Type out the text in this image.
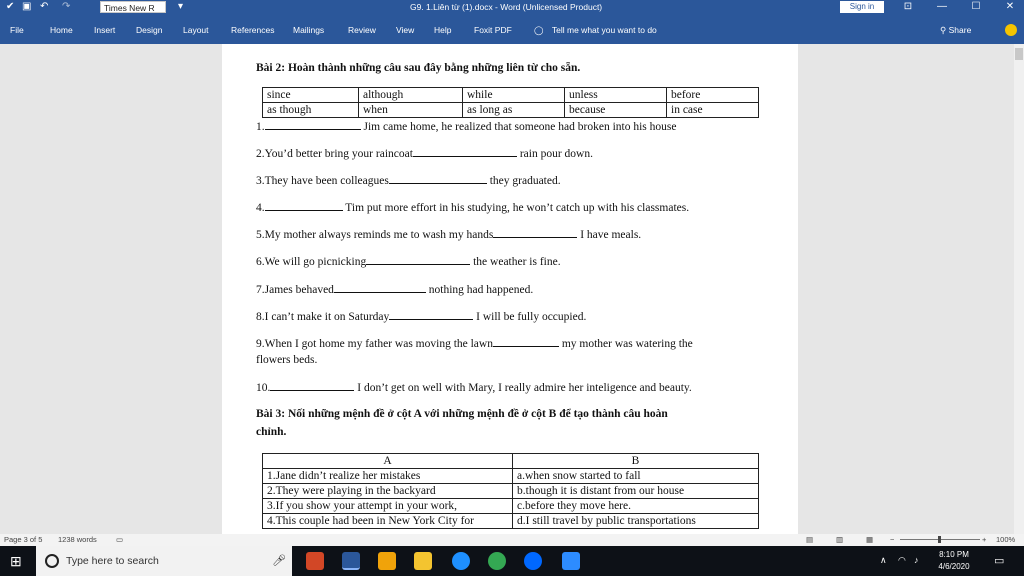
✔ ▣ ↶ ↷	Times New R	▾	G9. 1.Liên từ (1).docx - Word (Unlicensed Product)	Sign in	⊡	—	☐	✕
File	Home	Insert Design Layout	References Mailings	Review View Help	Foxit PDF	◯ Tell me what you want to do	⚲ Share
Bài 2: Hoàn thành những câu sau đây bằng những liên từ cho sẵn.
since	although	while	unless	before
as though	when	as long as	because	in case
1.	Jim came home, he realized that someone had broken into his house
2.You’d better bring your raincoat	rain pour down.
3.They have been colleagues	they graduated.
4.	Tim put more effort in his studying, he won’t catch up with his classmates.
5.My mother always reminds me to wash my hands	I have meals.
6.We will go picnicking	the weather is fine.
7.James behaved	nothing had happened.
8.I can’t make it on Saturday	I will be fully occupied.
9.When I got home my father was moving the lawn	my mother was watering the
flowers beds.
10.	I don’t get on well with Mary, I really admire her inteligence and beauty.
Bài 3: Nối những mệnh đề ở cột A với những mệnh đề ở cột B để tạo thành câu hoàn
chỉnh.
A	B
1.Jane didn’t realize her mistakes	a.when snow started to fall
2.They were playing in the backyard	b.though it is distant from our house
3.If you show your attempt in your work,	c.before they move here.
4.This couple had been in New York City for	d.I still travel by public transportations
Page 3 of 5 1238 words	▭	▤	▥	▦ −	+ 100%
⊞	Type here to search	🎤︎	∧ ◠ ♪
8:10 PM
4/6/2020	▭
